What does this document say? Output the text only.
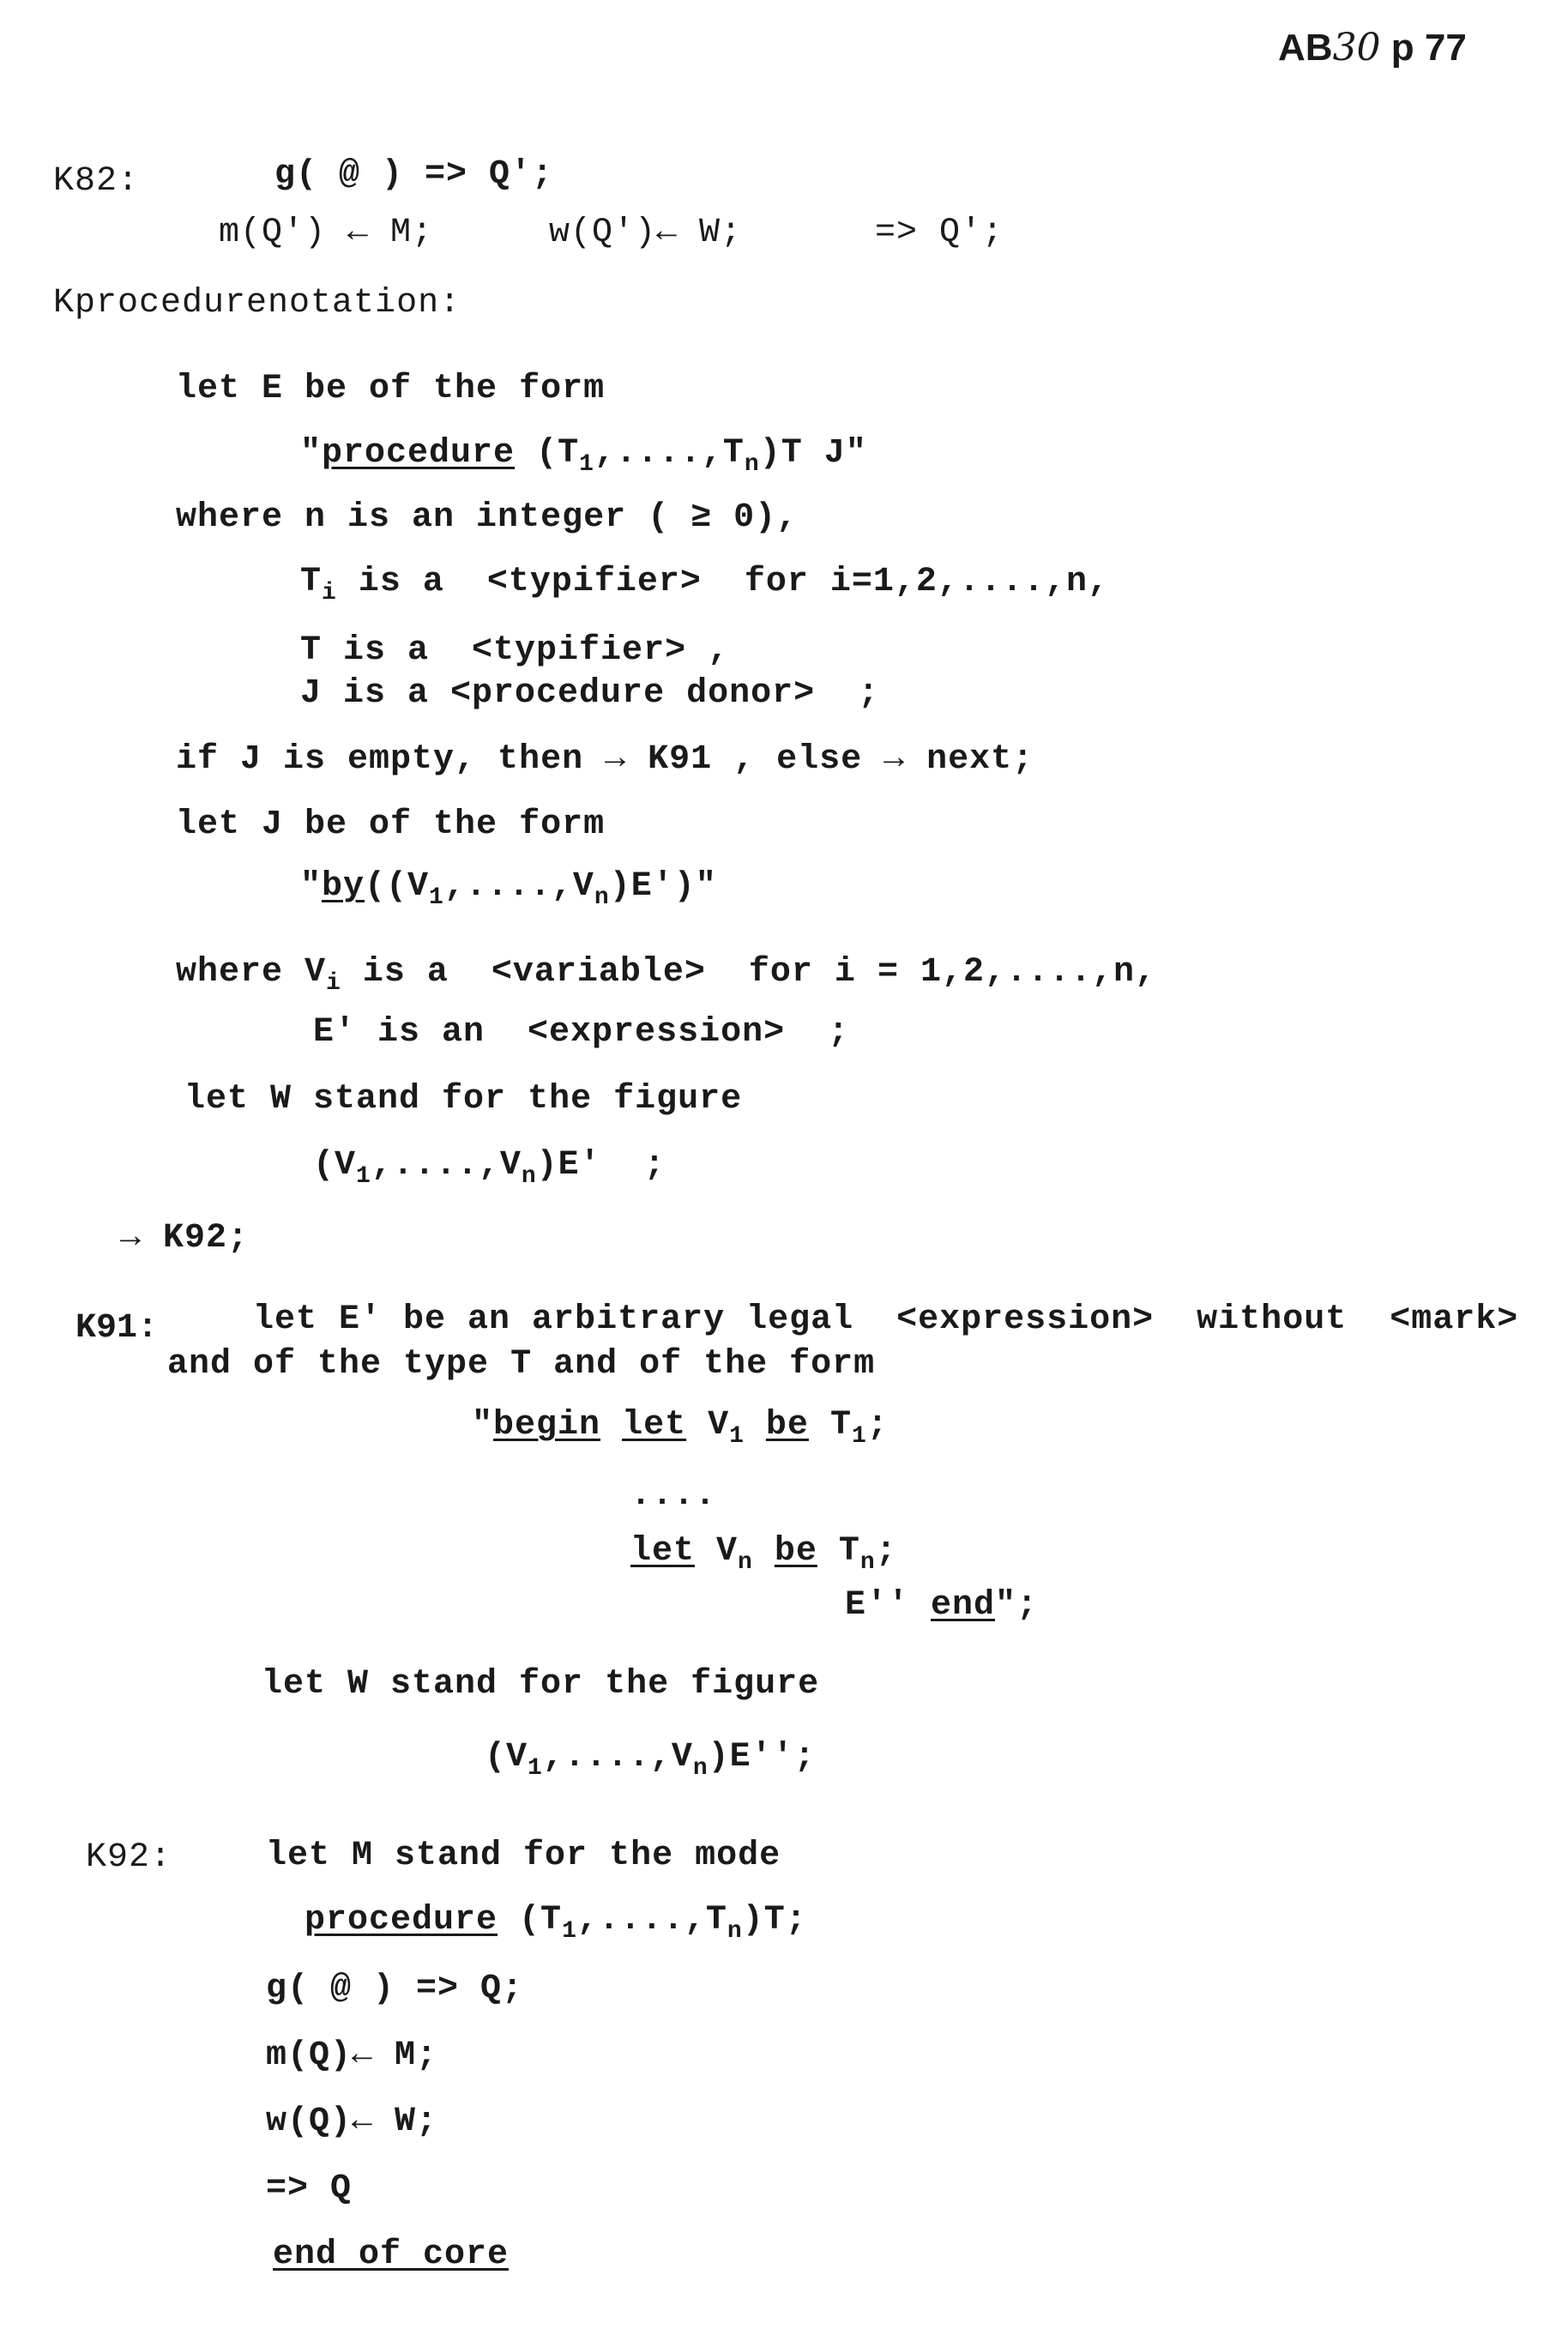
AB30 p 77
K82:	g( @ ) => Q';
m(Q') ← M;	w(Q')← W;	=> Q';
Kprocedurenotation:
let E be of the form
"procedure $(T_1,....,T_n)T$ J"
where n is an integer ( ≥ 0),
$T_i$ is a  <typifier>  for i=1,2,....,n,
T is a  <typifier> ,
J is a <procedure donor>  ;
if J is empty, then → K91 , else → next;
let J be of the form
"$by((V_1,....,V_n)E')$"
where $V_i$ is a  <variable>  for i = 1,2,....,n,
E' is an  <expression>  ;
let W stand for the figure
$(V_1,....,V_n)E'$  ;
→ K92;
K91:	let E' be an arbitrary legal  <expression>  without  <mark>
and of the type T and of the form
"begin let $V_1$ be $T_1$;
....
let $V_n$ be $T_n$;
E'' end";
let W stand for the figure
$(V_1,....,V_n)E''$;
K92:	let M stand for the mode
procedure $(T_1,....,T_n)T$;
g( @ ) => Q;
m(Q)← M;
w(Q)← W;
=> Q
end of core
